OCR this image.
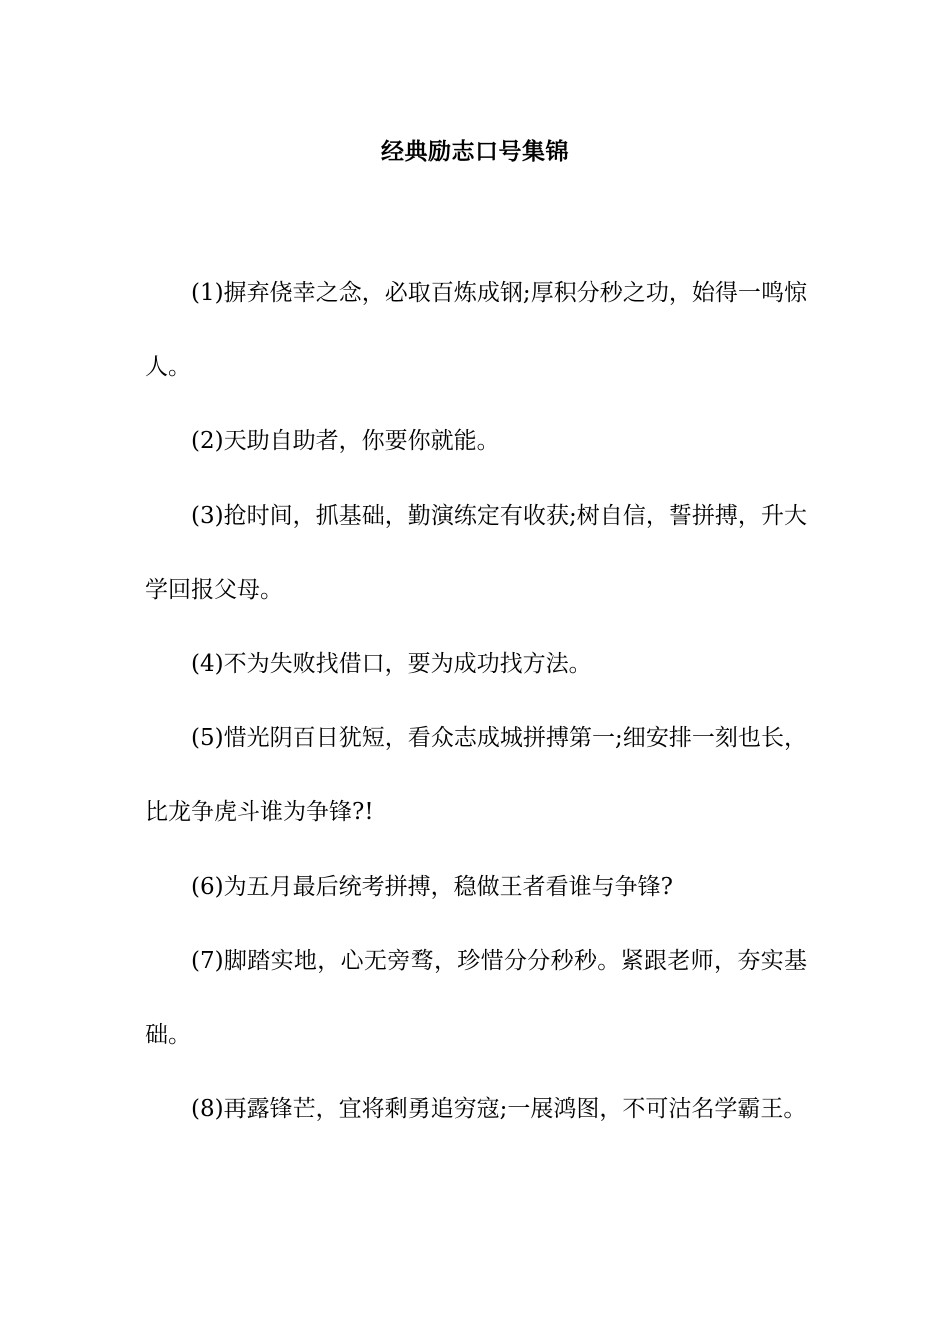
经典励志口号集锦

(1)摒弃侥幸之念，必取百炼成钢;厚积分秒之功，始得一鸣惊人。

(2)天助自助者，你要你就能。

(3)抢时间，抓基础，勤演练定有收获;树自信，誓拼搏，升大学回报父母。

(4)不为失败找借口，要为成功找方法。

(5)惜光阴百日犹短，看众志成城拼搏第一;细安排一刻也长，比龙争虎斗谁为争锋?!

(6)为五月最后统考拼搏，稳做王者看谁与争锋?

(7)脚踏实地，心无旁骛，珍惜分分秒秒。紧跟老师，夯实基础。

(8)再露锋芒，宜将剩勇追穷寇;一展鸿图，不可沽名学霸王。
